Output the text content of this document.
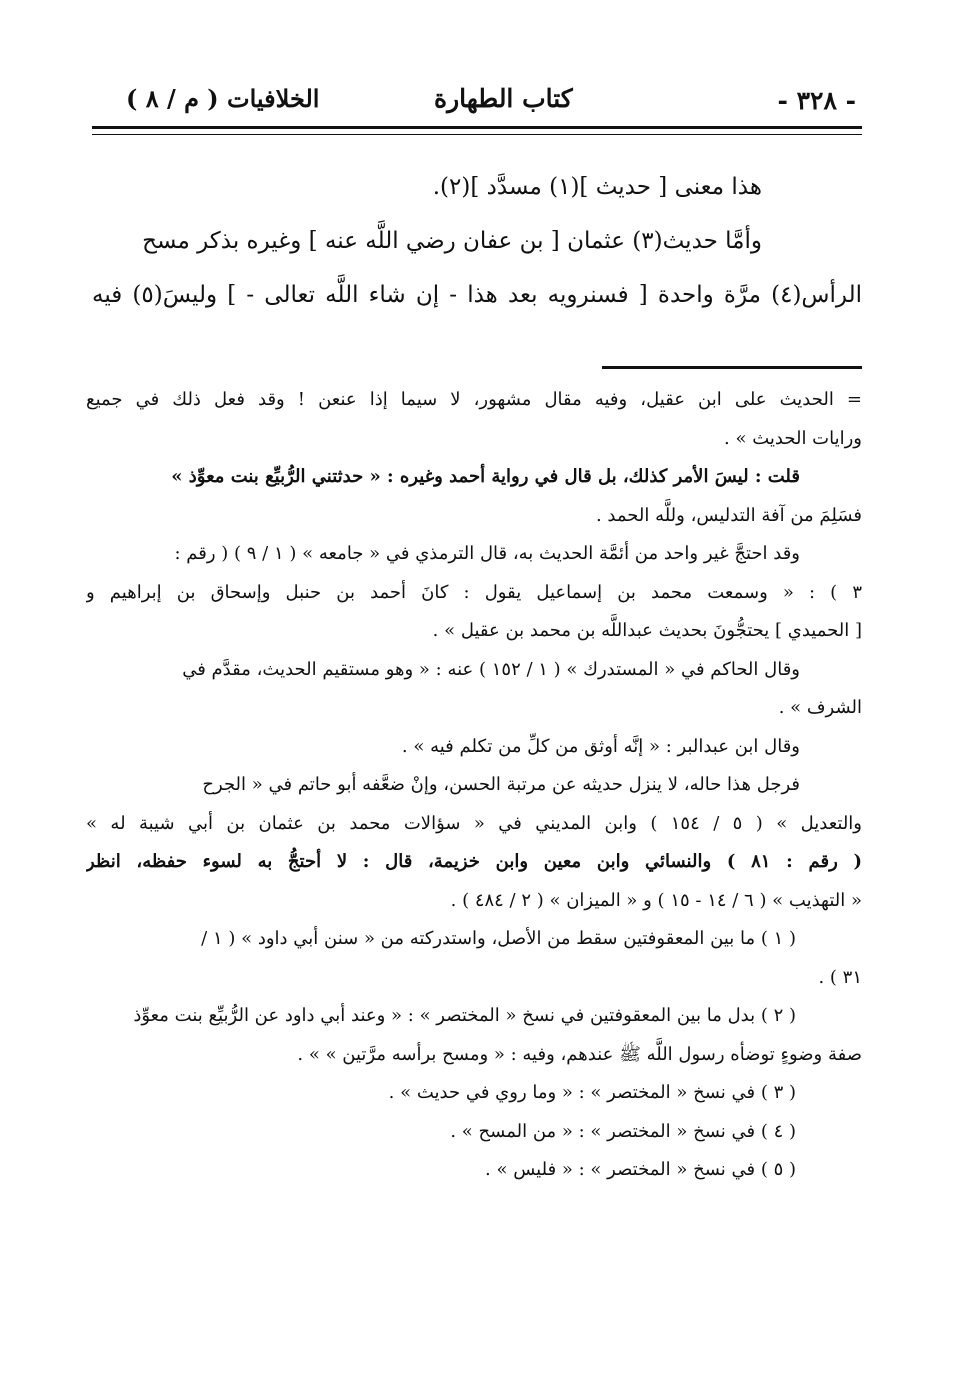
- ٣٢٨ -
كتاب الطهارة
الخلافيات ( م / ٨ )
هذا معنى [ حديث ](١) مسدَّد ](٢).
وأمَّا حديث(٣) عثمان [ بن عفان رضي اللَّه عنه ] وغيره بذكر مسح
الرأس(٤) مرَّة واحدة [ فسنرويه بعد هذا - إن شاء اللَّه تعالى - ] وليسَ(٥) فيه
= الحديث على ابن عقيل، وفيه مقال مشهور، لا سيما إذا عنعن ! وقد فعل ذلك في جميع
ورايات الحديث » .
قلت : ليسَ الأمر كذلك، بل قال في رواية أحمد وغيره : « حدثتني الرُّبيِّع بنت معوِّذ »
فسَلِمَ من آفة التدليس، وللَّه الحمد .
وقد احتجَّ غير واحد من أئمَّة الحديث به، قال الترمذي في « جامعه » ( ١ / ٩ ) ( رقم :
٣ ) : « وسمعت محمد بن إسماعيل يقول : كانَ أحمد بن حنبل وإسحاق بن إبراهيم و
[ الحميدي ] يحتجُّونَ بحديث عبداللَّه بن محمد بن عقيل » .
وقال الحاكم في « المستدرك » ( ١ / ١٥٢ ) عنه : « وهو مستقيم الحديث، مقدَّم في
الشرف » .
وقال ابن عبدالبر : « إنَّه أوثق من كلِّ من تكلم فيه » .
فرجل هذا حاله، لا ينزل حديثه عن مرتبة الحسن، وإنْ ضعَّفه أبو حاتم في « الجرح
والتعديل » ( ٥ / ١٥٤ ) وابن المديني في « سؤالات محمد بن عثمان بن أبي شيبة له »
( رقم : ٨١ ) والنسائي وابن معين وابن خزيمة، قال : لا أحتجُّ به لسوء حفظه، انظر
« التهذيب » ( ٦ / ١٤ - ١٥ ) و « الميزان » ( ٢ / ٤٨٤ ) .
( ١ ) ما بين المعقوفتين سقط من الأصل، واستدركته من « سنن أبي داود » ( ١ /
٣١ ) .
( ٢ ) بدل ما بين المعقوفتين في نسخ « المختصر » : « وعند أبي داود عن الرُّبيِّع بنت معوِّذ
صفة وضوءٍ توضأه رسول اللَّه ﷺ عندهم، وفيه : « ومسح برأسه مرَّتين » » .
( ٣ ) في نسخ « المختصر » : « وما روي في حديث » .
( ٤ ) في نسخ « المختصر » : « من المسح » .
( ٥ ) في نسخ « المختصر » : « فليس » .
